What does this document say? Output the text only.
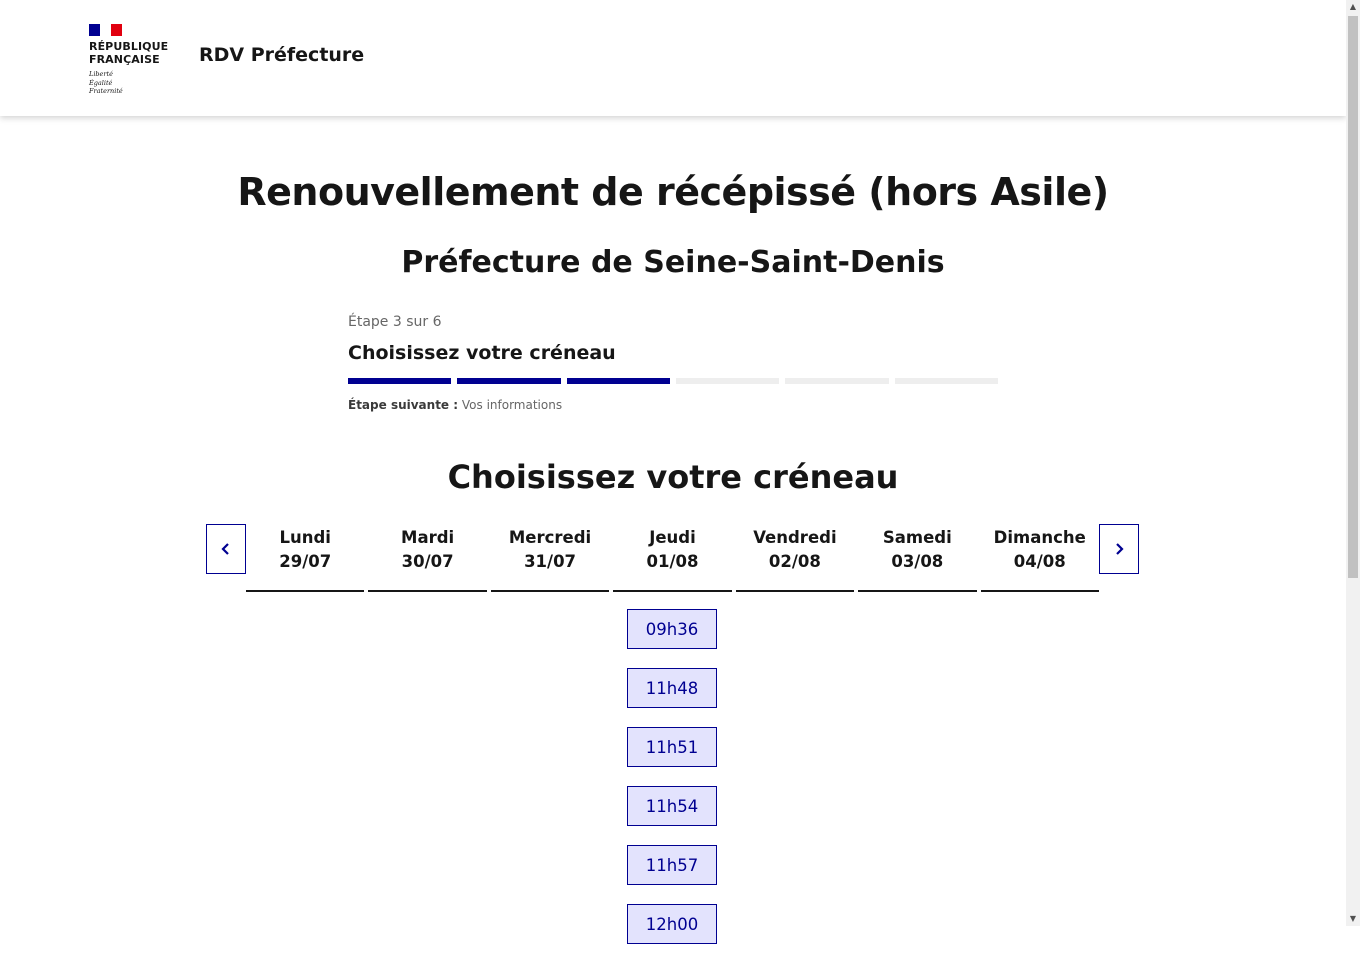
RÉPUBLIQUE
FRANÇAISE
Liberté
Égalité
Fraternité
RDV Préfecture
▲
▼
Renouvellement de récépissé (hors Asile)
Préfecture de Seine-Saint-Denis
Étape 3 sur 6
Choisissez votre créneau
Étape suivante : Vos informations
Choisissez votre créneau
Lundi
29/07
Mardi
30/07
Mercredi
31/07
Jeudi
01/08
Vendredi
02/08
Samedi
03/08
Dimanche
04/08
09h36
11h48
11h51
11h54
11h57
12h00
